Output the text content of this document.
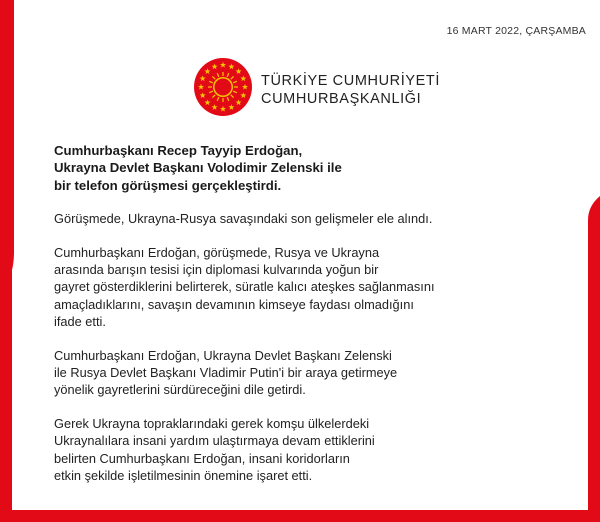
16 MART 2022, ÇARŞAMBA
TÜRKİYE CUMHURİYETİ
CUMHURBAŞKANLIĞI
Cumhurbaşkanı Recep Tayyip Erdoğan,
Ukrayna Devlet Başkanı Volodimir Zelenski ile
bir telefon görüşmesi gerçekleştirdi.
Görüşmede, Ukrayna-Rusya savaşındaki son gelişmeler ele alındı.
Cumhurbaşkanı Erdoğan, görüşmede, Rusya ve Ukrayna
arasında barışın tesisi için diplomasi kulvarında yoğun bir
gayret gösterdiklerini belirterek, süratle kalıcı ateşkes sağlanmasını
amaçladıklarını, savaşın devamının kimseye faydası olmadığını
ifade etti.
Cumhurbaşkanı Erdoğan, Ukrayna Devlet Başkanı Zelenski
ile Rusya Devlet Başkanı Vladimir Putin'i bir araya getirmeye
yönelik gayretlerini sürdüreceğini dile getirdi.
Gerek Ukrayna topraklarındaki gerek komşu ülkelerdeki
Ukraynalılara insani yardım ulaştırmaya devam ettiklerini
belirten Cumhurbaşkanı Erdoğan, insani koridorların
etkin şekilde işletilmesinin önemine işaret etti.
